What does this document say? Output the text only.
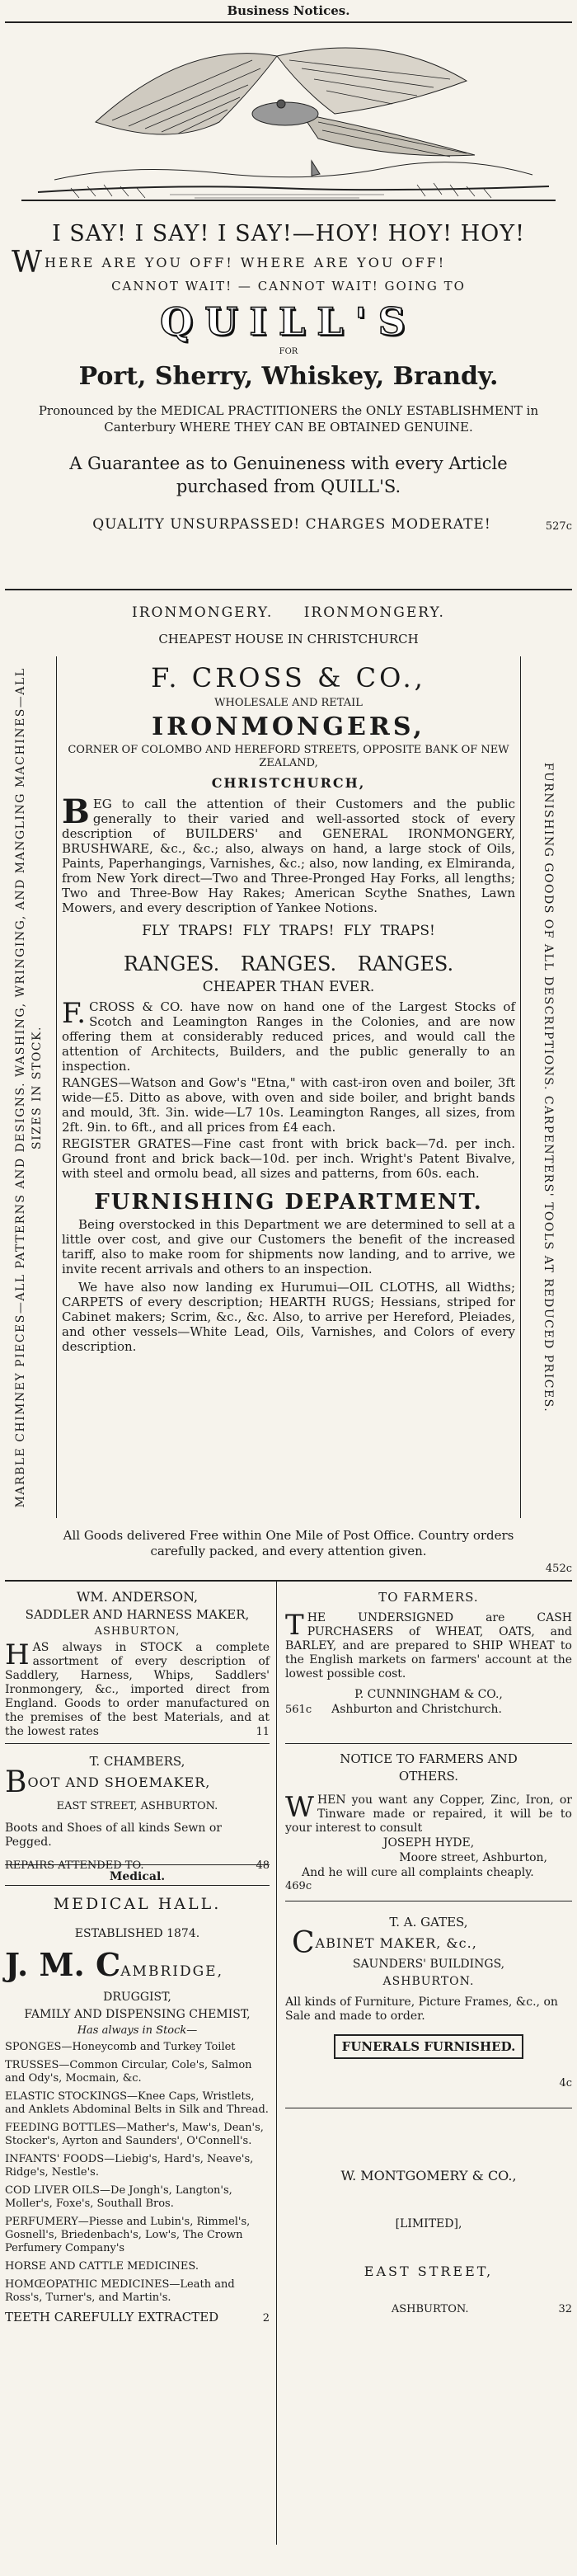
Business Notices.
I SAY! I SAY! I SAY!—HOY! HOY! HOY!
WHERE ARE YOU OFF! WHERE ARE YOU OFF!
CANNOT WAIT! — CANNOT WAIT! GOING TO
QUILL'S
FOR
Port, Sherry, Whiskey, Brandy.
Pronounced by the MEDICAL PRACTITIONERS the ONLY ESTABLISHMENT in Canterbury WHERE THEY CAN BE OBTAINED GENUINE.
A Guarantee as to Genuineness with every Article purchased from QUILL'S.
QUALITY UNSURPASSED! CHARGES MODERATE!	527c
IRONMONGERY. IRONMONGERY.
CHEAPEST HOUSE IN CHRISTCHURCH
MARBLE CHIMNEY PIECES—ALL PATTERNS AND DESIGNS. WASHING, WRINGING, AND MANGLING MACHINES—ALL SIZES IN STOCK.	FURNISHING GOODS OF ALL DESCRIPTIONS. CARPENTERS' TOOLS AT REDUCED PRICES.
F. CROSS & CO.,
WHOLESALE AND RETAIL
IRONMONGERS,
CORNER OF COLOMBO AND HEREFORD STREETS, OPPOSITE BANK OF NEW ZEALAND,
CHRISTCHURCH,
BEG to call the attention of their Customers and the public generally to their varied and well-assorted stock of every description of BUILDERS' and GENERAL IRONMONGERY, BRUSHWARE, &c., &c.; also, always on hand, a large stock of Oils, Paints, Paperhangings, Varnishes, &c.; also, now landing, ex Elmiranda, from New York direct—Two and Three-Pronged Hay Forks, all lengths; Two and Three-Bow Hay Rakes; American Scythe Snathes, Lawn Mowers, and every description of Yankee Notions.
FLY TRAPS! FLY TRAPS! FLY TRAPS!
RANGES. RANGES. RANGES.
CHEAPER THAN EVER.
F. CROSS & CO. have now on hand one of the Largest Stocks of Scotch and Leamington Ranges in the Colonies, and are now offering them at considerably reduced prices, and would call the attention of Architects, Builders, and the public generally to an inspection.
RANGES—Watson and Gow's "Etna," with cast-iron oven and boiler, 3ft wide—£5. Ditto as above, with oven and side boiler, and bright bands and mould, 3ft. 3in. wide—L7 10s. Leamington Ranges, all sizes, from 2ft. 9in. to 6ft., and all prices from £4 each.
REGISTER GRATES—Fine cast front with brick back—7d. per inch. Ground front and brick back—10d. per inch. Wright's Patent Bivalve, with steel and ormolu bead, all sizes and patterns, from 60s. each.
FURNISHING DEPARTMENT.
Being overstocked in this Department we are determined to sell at a little over cost, and give our Customers the benefit of the increased tariff, also to make room for shipments now landing, and to arrive, we invite recent arrivals and others to an inspection.
We have also now landing ex Hurumui—OIL CLOTHS, all Widths; CARPETS of every description; HEARTH RUGS; Hessians, striped for Cabinet makers; Scrim, &c., &c. Also, to arrive per Hereford, Pleiades, and other vessels—White Lead, Oils, Varnishes, and Colors of every description.
All Goods delivered Free within One Mile of Post Office. Country orders carefully packed, and every attention given.
452c
WM. ANDERSON,
SADDLER AND HARNESS MAKER,
ASHBURTON,
HAS always in STOCK a complete assortment of every description of Saddlery, Harness, Whips, Saddlers' Ironmongery, &c., imported direct from England. Goods to order manufactured on the premises of the best Materials, and at the lowest rates	11
T. CHAMBERS,
BOOT AND SHOEMAKER,
EAST STREET, ASHBURTON.
Boots and Shoes of all kinds Sewn or Pegged.
REPAIRS ATTENDED TO.	48
Medical.
MEDICAL HALL.
ESTABLISHED 1874.
J. M. CAMBRIDGE,
DRUGGIST,
FAMILY AND DISPENSING CHEMIST,
Has always in Stock—

SPONGES—Honeycomb and Turkey Toilet

TRUSSES—Common Circular, Cole's, Salmon and Ody's, Mocmain, &c.

ELASTIC STOCKINGS—Knee Caps, Wristlets, and Anklets Abdominal Belts in Silk and Thread.

FEEDING BOTTLES—Mather's, Maw's, Dean's, Stocker's, Ayrton and Saunders', O'Connell's.

INFANTS' FOODS—Liebig's, Hard's, Neave's, Ridge's, Nestle's.

COD LIVER OILS—De Jongh's, Langton's, Moller's, Foxe's, Southall Bros.

PERFUMERY—Piesse and Lubin's, Rimmel's, Gosnell's, Briedenbach's, Low's, The Crown Perfumery Company's

HORSE AND CATTLE MEDICINES.

HOMŒOPATHIC MEDICINES—Leath and Ross's, Turner's, and Martin's.

TEETH CAREFULLY EXTRACTED	2
TO FARMERS.
THE UNDERSIGNED are CASH PURCHASERS of WHEAT, OATS, and BARLEY, and are prepared to SHIP WHEAT to the English markets on farmers' account at the lowest possible cost.
P. CUNNINGHAM & CO.,
561c Ashburton and Christchurch.
NOTICE TO FARMERS AND OTHERS.
WHEN you want any Copper, Zinc, Iron, or Tinware made or repaired, it will be to your interest to consult
JOSEPH HYDE,
Moore street, Ashburton,
And he will cure all complaints cheaply.
469c
T. A. GATES,
CABINET MAKER, &c.,
SAUNDERS' BUILDINGS,
ASHBURTON.
All kinds of Furniture, Picture Frames, &c., on Sale and made to order.
FUNERALS FURNISHED.
4c
W. MONTGOMERY & CO.,
[LIMITED],
EAST STREET,
ASHBURTON.	32
